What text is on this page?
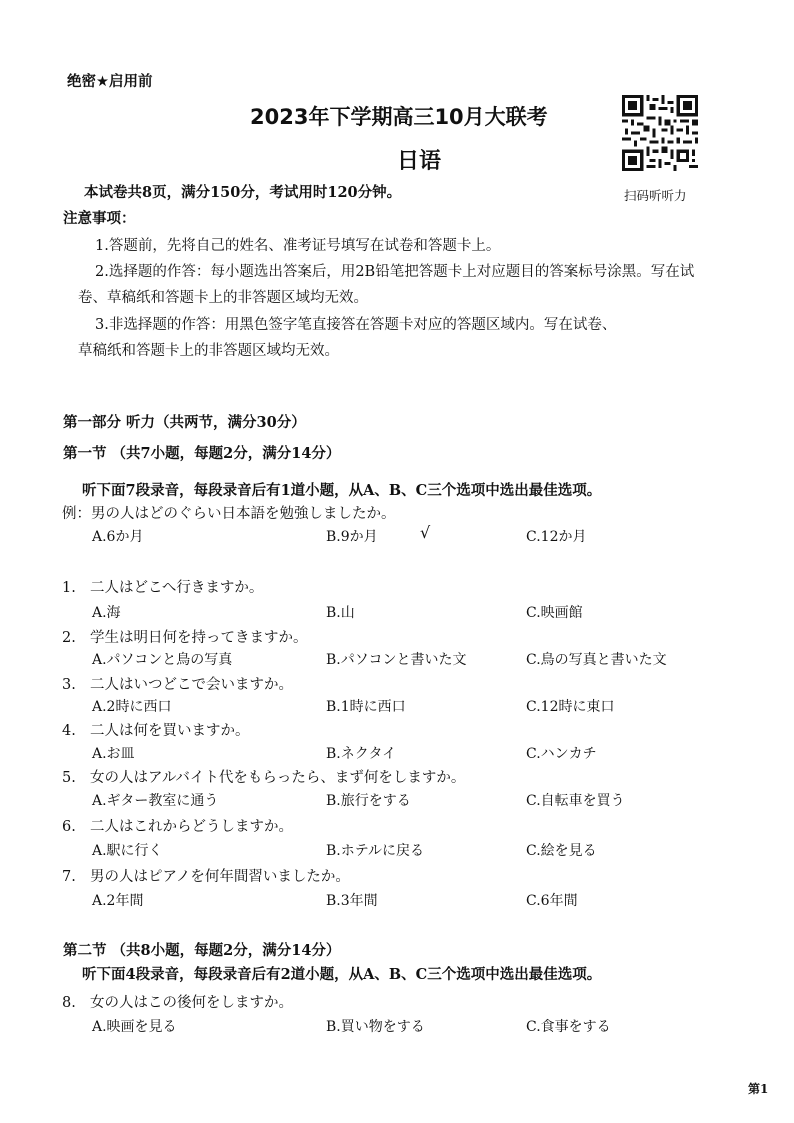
绝密★启用前
2023年下学期高三10月大联考
日语
扫码听听力
本试卷共8页，满分150分，考试用时120分钟。
注意事项：
1.答题前，先将自己的姓名、准考证号填写在试卷和答题卡上。
2.选择题的作答：每小题选出答案后，用2B铅笔把答题卡上对应题目的答案标号涂黑。写在试
卷、草稿纸和答题卡上的非答题区域均无效。
3.非选择题的作答：用黑色签字笔直接答在答题卡对应的答题区域内。写在试卷、
草稿纸和答题卡上的非答题区域均无效。
第一部分 听力（共两节，满分30分）
第一节 （共7小题，每题2分，满分14分）
听下面7段录音，每段录音后有1道小题，从A、B、C三个选项中选出最佳选项。
例：男の人はどのぐらい日本語を勉強しましたか。
A.6か月	B.9か月	√	C.12か月
1. 二人はどこへ行きますか。
A.海	B.山	C.映画館
2. 学生は明日何を持ってきますか。
A.パソコンと鳥の写真	B.パソコンと書いた文	C.鳥の写真と書いた文
3. 二人はいつどこで会いますか。
A.2時に西口	B.1時に西口	C.12時に東口
4. 二人は何を買いますか。
A.お皿	B.ネクタイ	C.ハンカチ
5. 女の人はアルバイト代をもらったら、まず何をしますか。
A.ギター教室に通う	B.旅行をする	C.自転車を買う
6. 二人はこれからどうしますか。
A.駅に行く	B.ホテルに戻る	C.絵を見る
7. 男の人はピアノを何年間習いましたか。
A.2年間	B.3年間	C.6年間
第二节 （共8小题，每题2分，满分14分）
听下面4段录音，每段录音后有2道小题，从A、B、C三个选项中选出最佳选项。
8. 女の人はこの後何をしますか。
A.映画を見る	B.買い物をする	C.食事をする
第1
